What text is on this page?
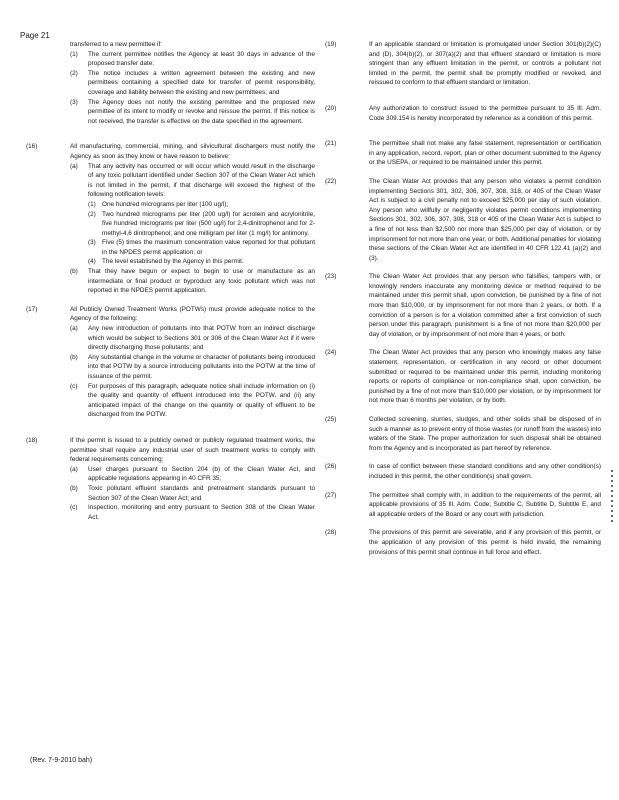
Page 21
transferred to a new permittee if:
(1) The current permittee notifies the Agency at least 30 days in advance of the proposed transfer date;
(2) The notice includes a written agreement between the existing and new permittees containing a specified date for transfer of permit responsibility, coverage and liability between the existing and new permittees; and
(3) The Agency does not notify the existing permittee and the proposed new permittee of its intent to modify or revoke and reissue the permit. If this notice is not received, the transfer is effective on the date specified in the agreement.
(16)	All manufacturing, commercial, mining, and silvicultural dischargers must notify the Agency as soon as they know or have reason to believe:
(a) That any activity has occurred or will occur which would result in the discharge of any toxic pollutant identified under Section 307 of the Clean Water Act which is not limited in the permit, if that discharge will exceed the highest of the following notification levels:
(1) One hundred micrograms per liter (100 ug/l);
(2) Two hundred micrograms per liter (200 ug/l) for acrolein and acrylonitrile, five hundred micrograms per liter (500 ug/l) for 2,4-dinitrophenol and for 2-methyl-4,6 dinitrophenol; and one milligram per liter (1 mg/l) for antimony.
(3) Five (5) times the maximum concentration value reported for that pollutant in the NPDES permit application; or
(4) The level established by the Agency in this permit.
(b) That they have begun or expect to begin to use or manufacture as an intermediate or final product or byproduct any toxic pollutant which was not reported in the NPDES permit application.
(17)	All Publicly Owned Treatment Works (POTWs) must provide adequate notice to the Agency of the following:
(a) Any new introduction of pollutants into that POTW from an indirect discharge which would be subject to Sections 301 or 306 of the Clean Water Act if it were directly discharging those pollutants; and
(b) Any substantial change in the volume or character of pollutants being introduced into that POTW by a source introducing pollutants into the POTW at the time of issuance of the permit.
(c) For purposes of this paragraph, adequate notice shall include information on (i) the quality and quantity of effluent introduced into the POTW, and (ii) any anticipated impact of the change on the quantity or quality of effluent to be discharged from the POTW.
(18)	If the permit is issued to a publicly owned or publicly regulated treatment works, the permittee shall require any industrial user of such treatment works to comply with federal requirements concerning:
(a) User charges pursuant to Section 204 (b) of the Clean Water Act, and applicable regulations appearing in 40 CFR 35;
(b) Toxic pollutant effluent standards and pretreatment standards pursuant to Section 307 of the Clean Water Act; and
(c) Inspection, monitoring and entry pursuant to Section 308 of the Clean Water Act.
(19)	If an applicable standard or limitation is promulgated under Section 301(b)(2)(C) and (D), 304(b)(2), or 307(a)(2) and that effluent standard or limitation is more stringent than any effluent limitation in the permit, or controls a pollutant not limited in the permit, the permit shall be promptly modified or revoked, and reissued to conform to that effluent standard or limitation.
(20)	Any authorization to construct issued to the permittee pursuant to 35 Ill. Adm. Code 309.154 is hereby incorporated by reference as a condition of this permit.
(21)	The permittee shall not make any false statement, representation or certification in any application, record, report, plan or other document submitted to the Agency or the USEPA, or required to be maintained under this permit.
(22)	The Clean Water Act provides that any person who violates a permit condition implementing Sections 301, 302, 306, 307, 308, 318, or 405 of the Clean Water Act is subject to a civil penalty not to exceed $25,000 per day of such violation. Any person who willfully or negligently violates permit conditions implementing Sections 301, 302, 306, 307, 308, 318 or 405 of the Clean Water Act is subject to a fine of not less than $2,500 nor more than $25,000 per day of violation, or by imprisonment for not more than one year, or both. Additional penalties for violating these sections of the Clean Water Act are identified in 40 CFR 122.41 (a)(2) and (3).
(23)	The Clean Water Act provides that any person who falsifies, tampers with, or knowingly renders inaccurate any monitoring device or method required to be maintained under this permit shall, upon conviction, be punished by a fine of not more than $10,000, or by imprisonment for not more than 2 years, or both. If a conviction of a person is for a violation committed after a first conviction of such person under this paragraph, punishment is a fine of not more than $20,000 per day of violation, or by imprisonment of not more than 4 years, or both.
(24)	The Clean Water Act provides that any person who knowingly makes any false statement, representation, or certification in any record or other document submitted or required to be maintained under this permit, including monitoring reports or reports of compliance or non-compliance shall, upon conviction, be punished by a fine of not more than $10,000 per violation, or by imprisonment for not more than 6 months per violation, or by both.
(25)	Collected screening, slurries, sludges, and other solids shall be disposed of in such a manner as to prevent entry of those wastes (or runoff from the wastes) into waters of the State. The proper authorization for such disposal shall be obtained from the Agency and is incorporated as part hereof by reference.
(26)	In case of conflict between these standard conditions and any other condition(s) included in this permit, the other condition(s) shall govern.
(27)	The permittee shall comply with, in addition to the requirements of the permit, all applicable provisions of 35 Ill. Adm. Code, Subtitle C, Subtitle D, Subtitle E, and all applicable orders of the Board or any court with jurisdiction.
(28)	The provisions of this permit are severable, and if any provision of this permit, or the application of any provision of this permit is held invalid, the remaining provisions of this permit shall continue in full force and effect.
(Rev. 7-9-2010 bah)
